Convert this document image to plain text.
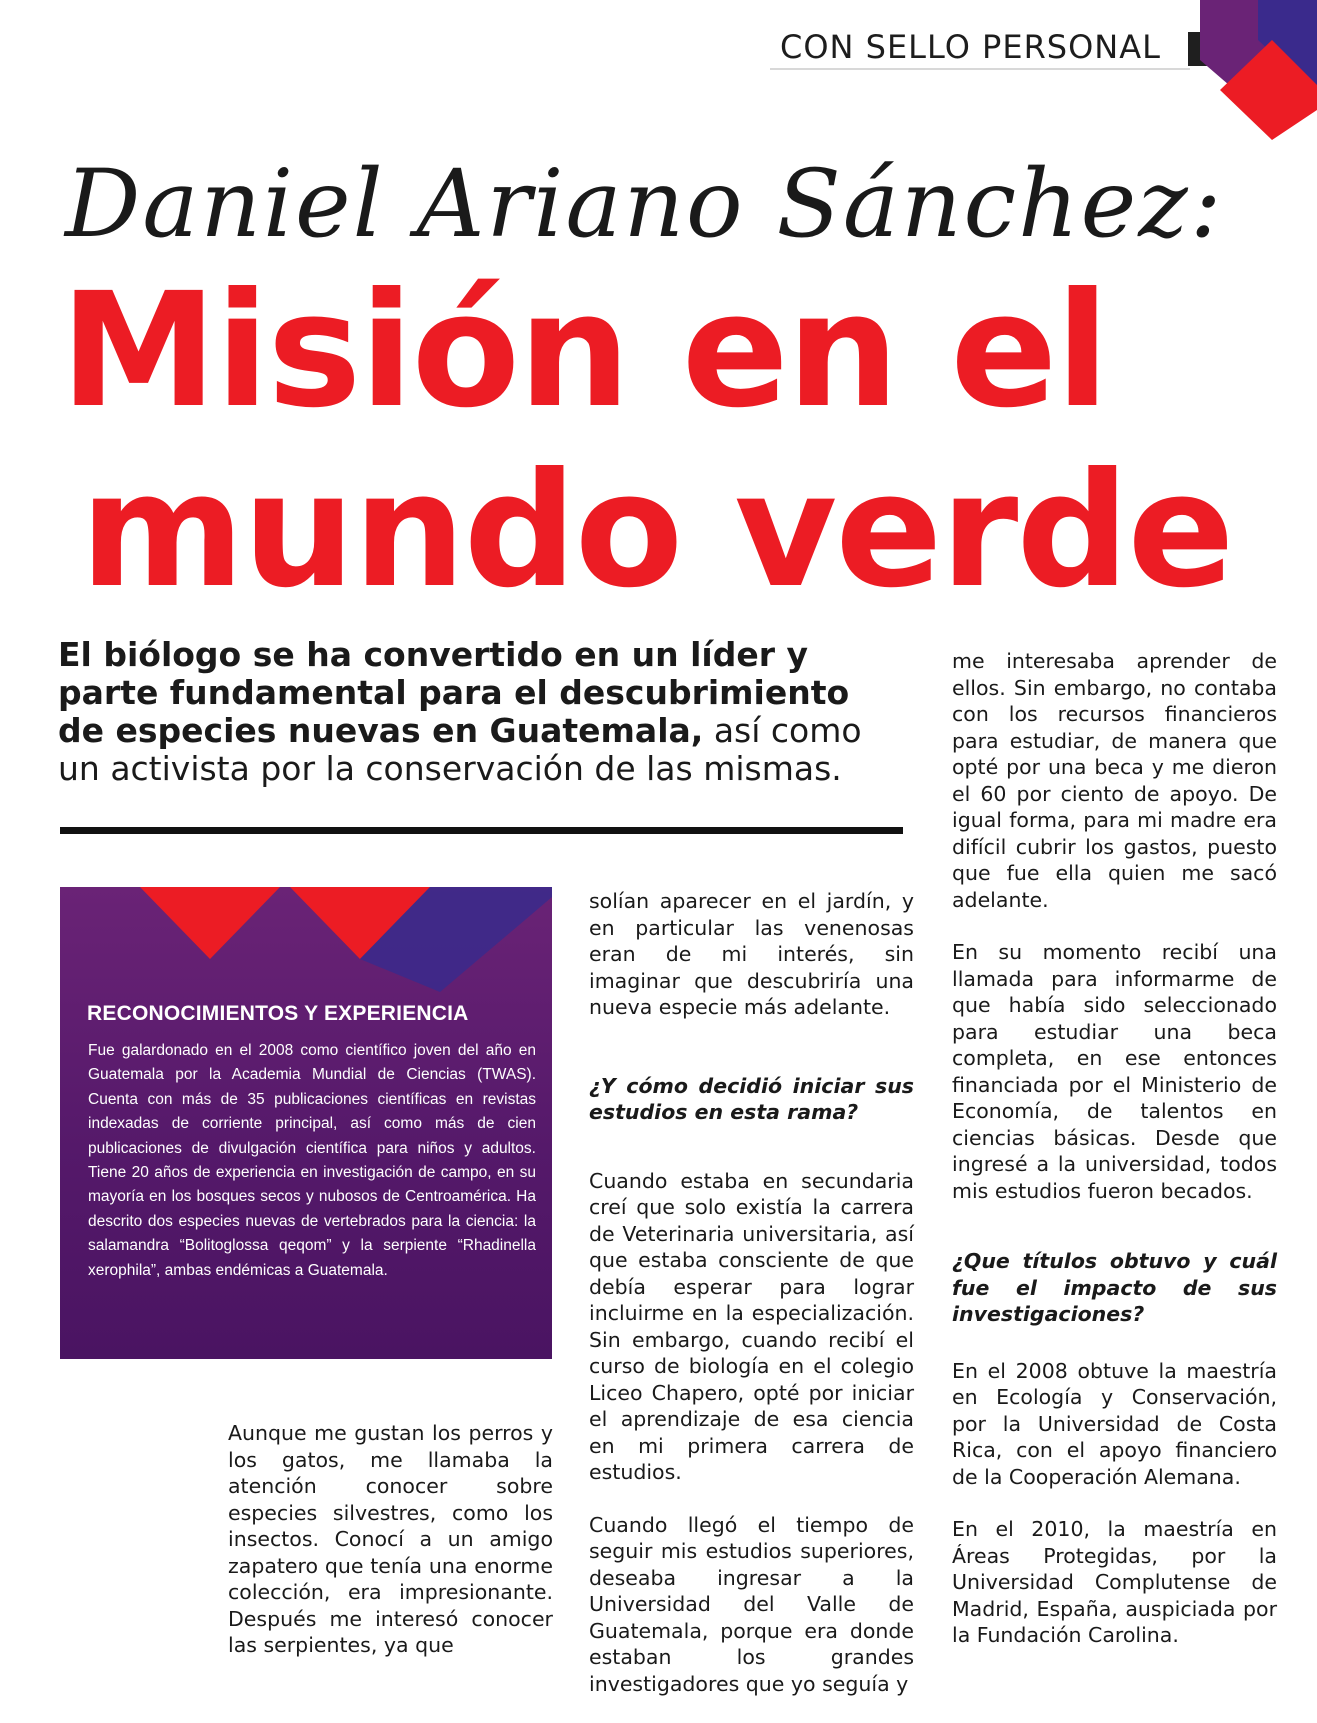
CON SELLO PERSONAL
Daniel Ariano Sánchez:
Misión en el
mundo verde
El biólogo se ha convertido en un líder y parte fundamental para el descubrimiento de especies nuevas en Guatemala, así como un activista por la conservación de las mismas.
RECONOCIMIENTOS Y EXPERIENCIA
Fue galardonado en el 2008 como científico joven del año en Guatemala por la Academia Mundial de Ciencias (TWAS). Cuenta con más de 35 publicaciones científicas en revistas indexadas de corriente principal, así como más de cien publicaciones de divulgación científica para niños y adultos. Tiene 20 años de experiencia en investigación de campo, en su mayoría en los bosques secos y nubosos de Centroamérica. Ha descrito dos especies nuevas de vertebrados para la ciencia: la salamandra “Bolitoglossa qeqom” y la serpiente “Rhadinella xerophila”, ambas endémicas a Guatemala.

Aunque me gustan los perros y los gatos, me llamaba la atención conocer sobre especies silvestres, como los insectos. Conocí a un amigo zapatero que tenía una enorme colección, era impresionante. Después me interesó conocer las serpientes, ya que

solían aparecer en el jardín, y en particular las venenosas eran de mi interés, sin imaginar que descubriría una nueva especie más adelante.

¿Y cómo decidió iniciar sus estudios en esta rama?

Cuando estaba en secundaria creí que solo existía la carrera de Veterinaria universitaria, así que estaba consciente de que debía esperar para lograr incluirme en la especialización. Sin embargo, cuando recibí el curso de biología en el colegio Liceo Chapero, opté por iniciar el aprendizaje de esa ciencia en mi primera carrera de estudios.

Cuando llegó el tiempo de seguir mis estudios superiores, deseaba ingresar a la Universidad del Valle de Guatemala, porque era donde estaban los grandes investigadores que yo seguía y

me interesaba aprender de ellos. Sin embargo, no contaba con los recursos financieros para estudiar, de manera que opté por una beca y me dieron el 60 por ciento de apoyo. De igual forma, para mi madre era difícil cubrir los gastos, puesto que fue ella quien me sacó adelante.

En su momento recibí una llamada para informarme de que había sido seleccionado para estudiar una beca completa, en ese entonces financiada por el Ministerio de Economía, de talentos en ciencias básicas. Desde que ingresé a la universidad, todos mis estudios fueron becados.

¿Que títulos obtuvo y cuál fue el impacto de sus investigaciones?

En el 2008 obtuve la maestría en Ecología y Conservación, por la Universidad de Costa Rica, con el apoyo financiero de la Cooperación Alemana.

En el 2010, la maestría en Áreas Protegidas, por la Universidad Complutense de Madrid, España, auspiciada por la Fundación Carolina.
